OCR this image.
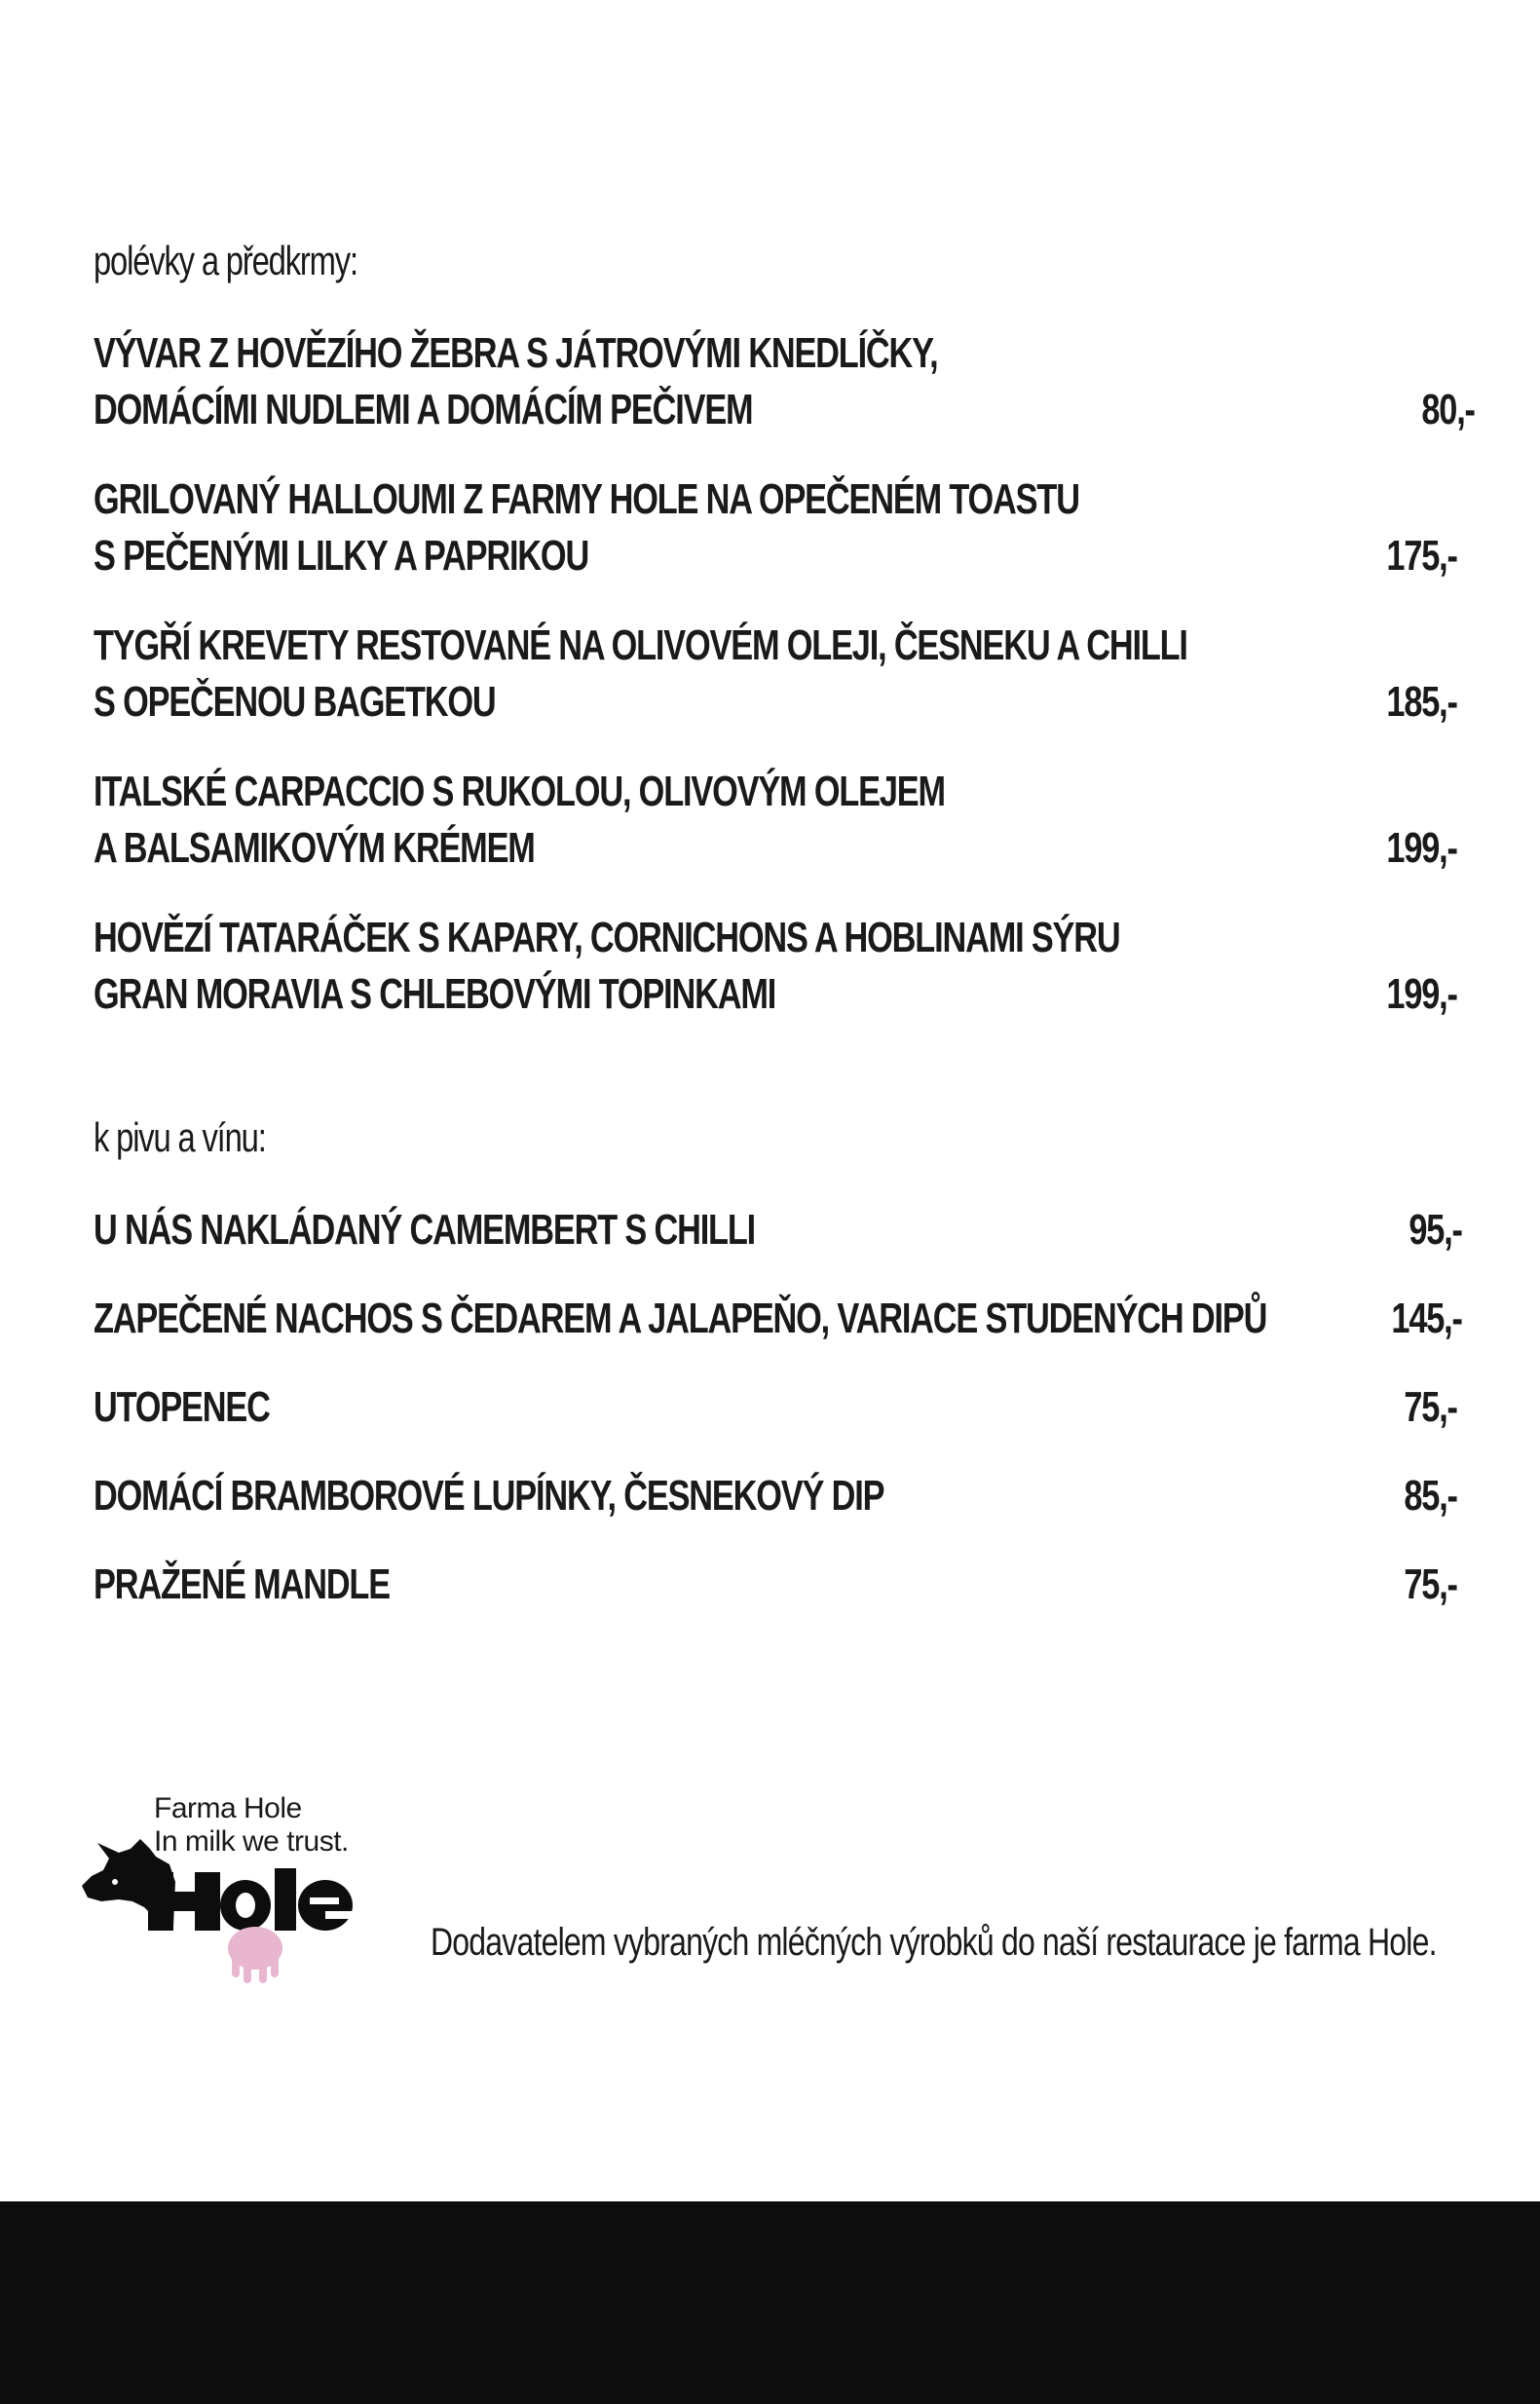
polévky a předkrmy:
VÝVAR Z HOVĚZÍHO ŽEBRA S JÁTROVÝMI KNEDLÍČKY,
DOMÁCÍMI NUDLEMI A DOMÁCÍM PEČIVEM	80,-
GRILOVANÝ HALLOUMI Z FARMY HOLE NA OPEČENÉM TOASTU
S PEČENÝMI LILKY A PAPRIKOU	175,-
TYGŘÍ KREVETY RESTOVANÉ NA OLIVOVÉM OLEJI, ČESNEKU A CHILLI
S OPEČENOU BAGETKOU	185,-
ITALSKÉ CARPACCIO S RUKOLOU, OLIVOVÝM OLEJEM
A BALSAMIKOVÝM KRÉMEM	199,-
HOVĚZÍ TATARÁČEK S KAPARY, CORNICHONS A HOBLINAMI SÝRU
GRAN MORAVIA S CHLEBOVÝMI TOPINKAMI	199,-
k pivu a vínu:
U NÁS NAKLÁDANÝ CAMEMBERT S CHILLI	95,-
ZAPEČENÉ NACHOS S ČEDAREM A JALAPEŇO, VARIACE STUDENÝCH DIPŮ	145,-
UTOPENEC	75,-
DOMÁCÍ BRAMBOROVÉ LUPÍNKY, ČESNEKOVÝ DIP	85,-
PRAŽENÉ MANDLE	75,-
Farma Hole
In milk we trust.
Dodavatelem vybraných mléčných výrobků do naší restaurace je farma Hole.
